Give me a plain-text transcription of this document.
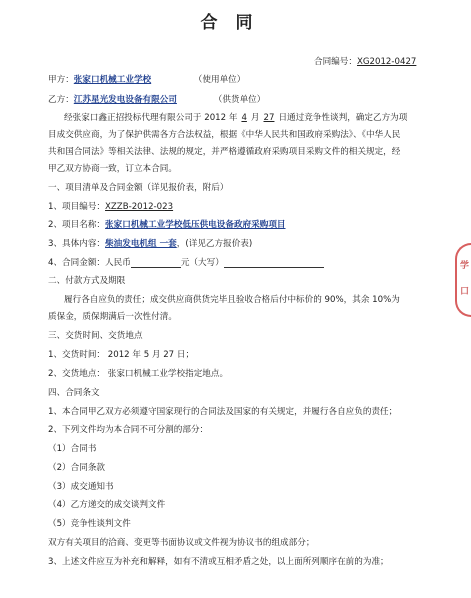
合同
合同编号：XG2012-0427
甲方：张家口机械工业学校	（使用单位）
乙方：江苏星光发电设备有限公司	（供货单位）
经张家口鑫正招投标代理有限公司于 2012 年 4 月 27 日通过竞争性谈判，确定乙方为项
目成交供应商，为了保护供需各方合法权益，根据《中华人民共和国政府采购法》、《中华人民
共和国合同法》等相关法律、法规的规定，并严格遵循政府采购项目采购文件的相关规定，经
甲乙双方协商一致，订立本合同。
一、项目清单及合同金额（详见报价表，附后）
1、项目编号：XZZB-2012-023
2、项目名称：张家口机械工业学校低压供电设备政府采购项目
3、具体内容：柴油发电机组 一套，(详见乙方报价表)
4、合同金额：人民币	元（大写）
二、付款方式及期限
履行各自应负的责任；成交供应商供货完毕且验收合格后付中标价的 90%，其余 10%为
质保金，质保期满后一次性付清。
三、交货时间、交货地点
1、交货时间： 2012 年 5 月 27 日；
2、交货地点： 张家口机械工业学校指定地点。
四、合同条文
1、本合同甲乙双方必须遵守国家现行的合同法及国家的有关规定，并履行各自应负的责任；
2、下列文件均为本合同不可分割的部分：
（1）合同书
（2）合同条款
（3）成交通知书
（4）乙方递交的成交谈判文件
（5）竞争性谈判文件
双方有关项目的洽商、变更等书面协议或文件视为协议书的组成部分；
3、上述文件应互为补充和解释，如有不清或互相矛盾之处，以上面所列顺序在前的为准；
学
口
